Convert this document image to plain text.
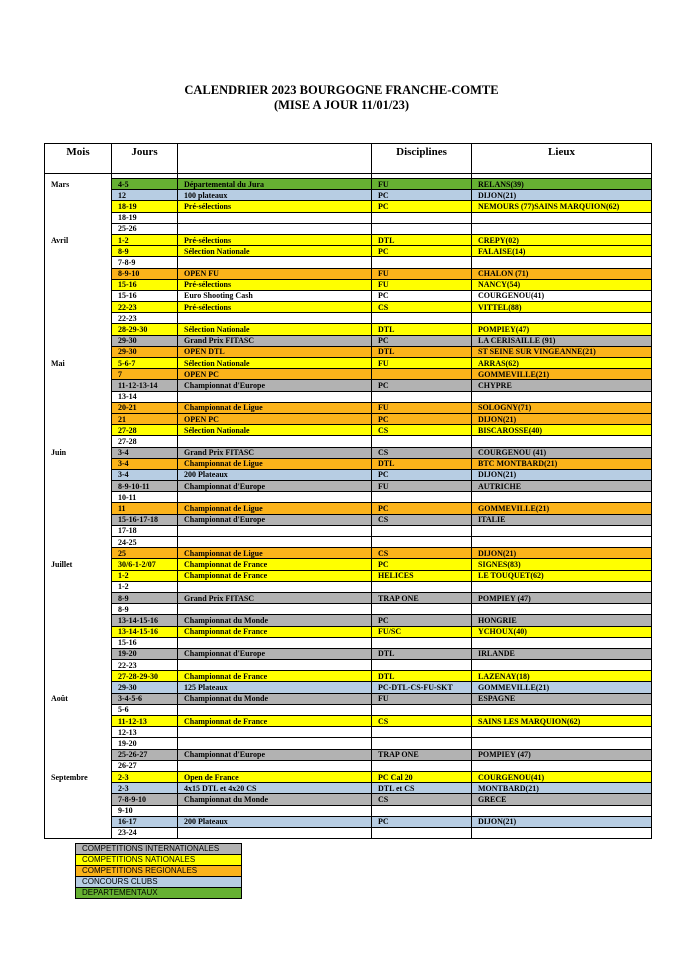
CALENDRIER 2023 BOURGOGNE FRANCHE-COMTE
(MISE A JOUR 11/01/23)
Mois	Jours		Disciplines	Lieux

Mars	4-5	Départemental du Jura	FU	RELANS(39)
	12	100 plateaux	PC	DIJON(21)
	18-19	Pré-sélections	PC	NEMOURS (77)SAINS MARQUION(62)
	18-19			
	25-26			
Avril	1-2	Pré-sélections	DTL	CREPY(02)
	8-9	Sélection Nationale	PC	FALAISE(14)
	7-8-9			
	8-9-10	OPEN FU	FU	CHALON (71)
	15-16	Pré-sélections	FU	NANCY(54)
	15-16	Euro Shooting Cash	PC	COURGENOU(41)
	22-23	Pré-sélections	CS	VITTEL(88)
	22-23			
	28-29-30	Sélection Nationale	DTL	POMPIEY(47)
	29-30	Grand Prix FITASC	PC	LA CERISAILLE (91)
	29-30	OPEN DTL	DTL	ST SEINE SUR VINGEANNE(21)
Mai	5-6-7	Sélection Nationale	FU	ARRAS(62)
	7	OPEN PC		GOMMEVILLE(21)
	11-12-13-14	Championnat d'Europe	PC	CHYPRE
	13-14			
	20-21	Championnat de Ligue	FU	SOLOGNY(71)
	21	OPEN PC	PC	DIJON(21)
	27-28	Sélection Nationale	CS	BISCAROSSE(40)
	27-28			
Juin	3-4	Grand Prix FITASC	CS	COURGENOU (41)
	3-4	Championnat de Ligue	DTL	BTC MONTBARD(21)
	3-4	200 Plateaux	PC	DIJON(21)
	8-9-10-11	Championnat d'Europe	FU	AUTRICHE
	10-11			
	11	Championnat de Ligue	PC	GOMMEVILLE(21)
	15-16-17-18	Championnat d'Europe	CS	ITALIE
	17-18			
	24-25			
	25	Championnat de Ligue	CS	DIJON(21)
Juillet	30/6-1-2/07	Championnat de France	PC	SIGNES(83)
	1-2	Championnat de France	HELICES	LE TOUQUET(62)
	1-2			
	8-9	Grand Prix FITASC	TRAP ONE	POMPIEY (47)
	8-9			
	13-14-15-16	Championnat du Monde	PC	HONGRIE
	13-14-15-16	Championnat de France	FU/SC	YCHOUX(40)
	15-16			
	19-20	Championnat d'Europe	DTL	IRLANDE
	22-23			
	27-28-29-30	Championnat de France	DTL	LAZENAY(18)
	29-30	125 Plateaux	PC-DTL-CS-FU-SKT	GOMMEVILLE(21)
Août	3-4-5-6	Championnat du Monde	FU	ESPAGNE
	5-6			
	11-12-13	Championnat de France	CS	SAINS LES MARQUION(62)
	12-13			
	19-20			
	25-26-27	Championnat d'Europe	TRAP ONE	POMPIEY (47)
	26-27			
Septembre	2-3	Open de France	PC Cal 20	COURGENOU(41)
	2-3	4x15 DTL et 4x20 CS	DTL et CS	MONTBARD(21)
	7-8-9-10	Championnat du Monde	CS	GRECE
	9-10			
	16-17	200 Plateaux	PC	DIJON(21)
	23-24			
COMPETITIONS INTERNATIONALES
COMPETITIONS NATIONALES
COMPETITIONS REGIONALES
CONCOURS CLUBS
DEPARTEMENTAUX
